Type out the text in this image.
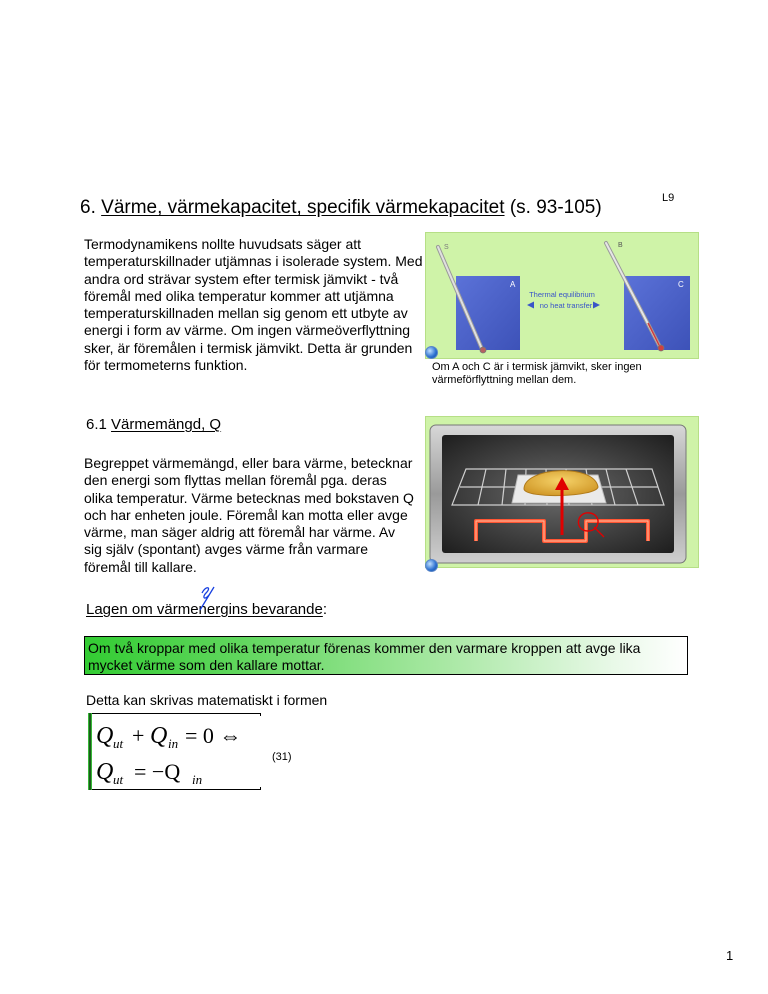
L9
6. Värme, värmekapacitet, specifik värmekapacitet (s. 93-105)
Termodynamikens nollte huvudsats säger att temperaturskillnader utjämnas i isolerade system. Med andra ord strävar system efter termisk jämvikt - två föremål med olika temperatur kommer att utjämna temperaturskillnaden mellan sig genom ett utbyte av energi i form av värme. Om ingen värmeöverflyttning sker, är föremålen i termisk jämvikt. Detta är grunden för termometerns funktion.
A
S
C
B
Thermal equilibrium
no heat transfer
Om A och C är i termisk jämvikt, sker ingen värmeförflyttning mellan dem.
6.1 Värmemängd, Q
Begreppet värmemängd, eller bara värme, betecknar den energi som flyttas mellan föremål pga. deras olika temperatur. Värme betecknas med bokstaven Q och har enheten joule. Föremål kan motta eller avge värme, man säger aldrig att föremål har värme. Av sig själv (spontant) avges värme från varmare föremål till kallare.
Lagen om värmenergins bevarande:
Om två kroppar med olika temperatur förenas kommer den varmare kroppen att avge lika mycket värme som den kallare mottar.
Detta kan skrivas matematiskt i formen
Q ut + Q in = 0 ⇔
Q ut = −Q in
(31)
1
